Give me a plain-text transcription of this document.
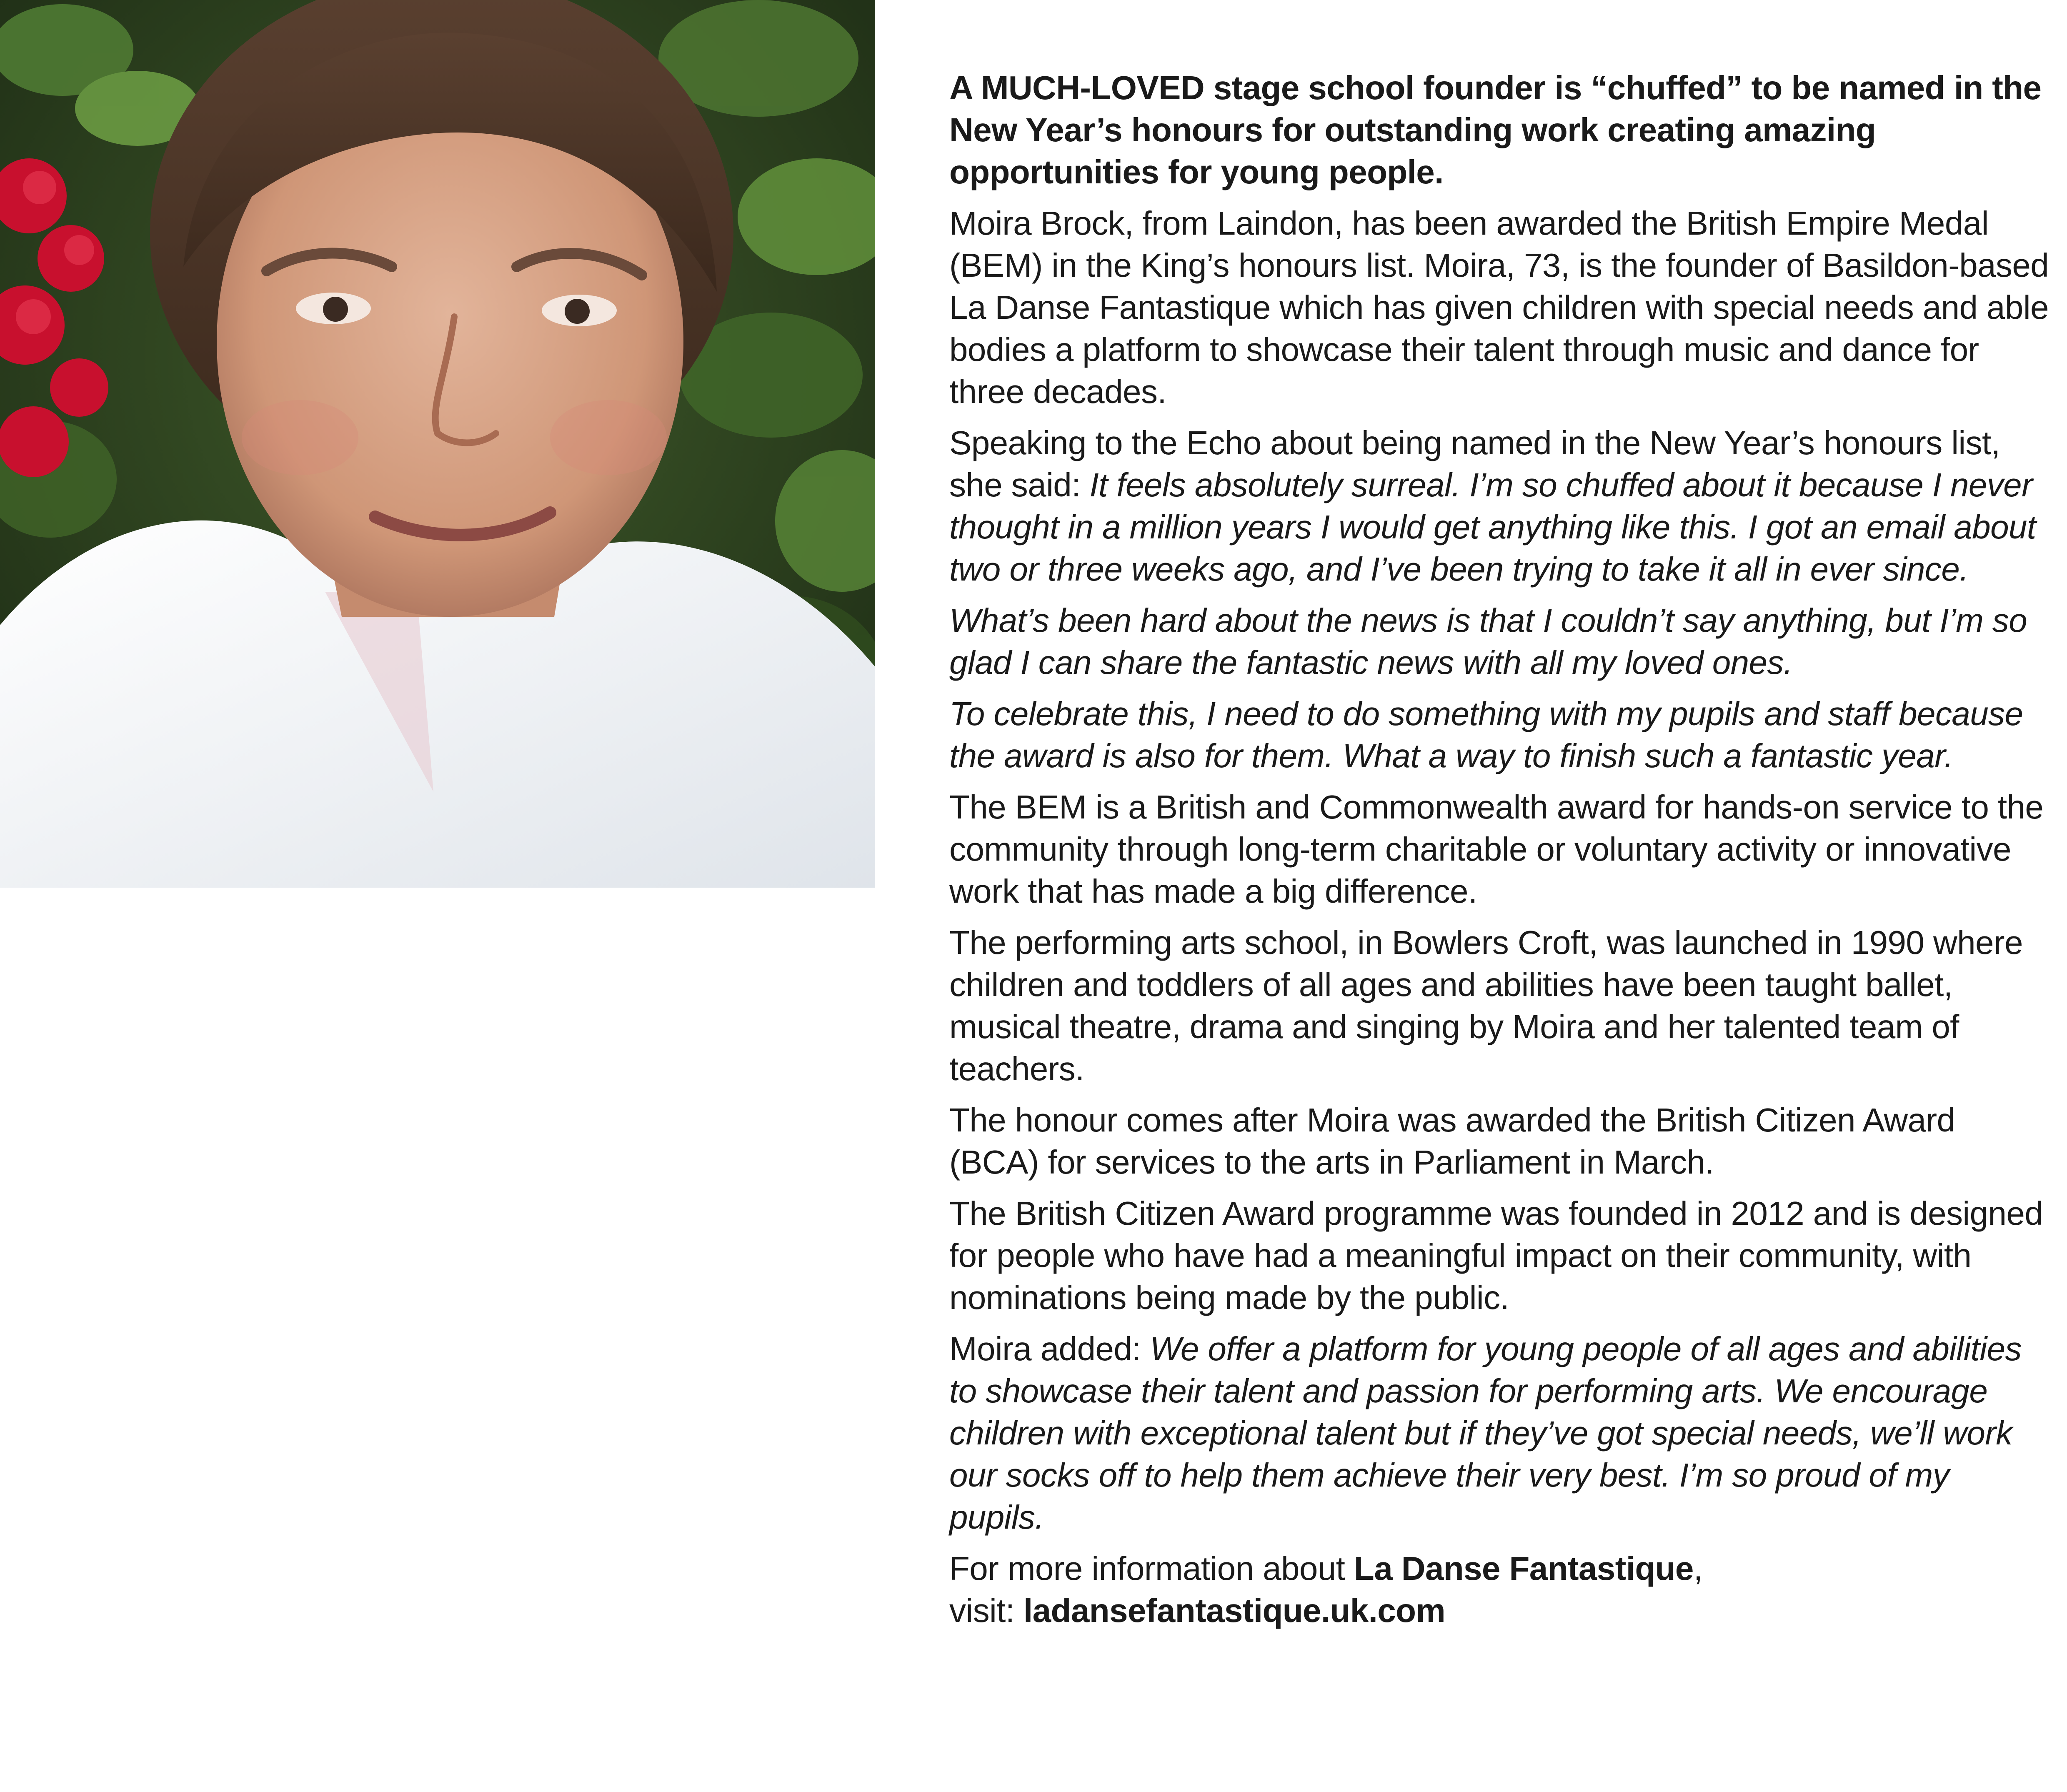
A MUCH-LOVED stage school founder is “chuffed” to be named in the New Year’s honours for outstanding work creating amazing opportunities for young people.

Moira Brock, from Laindon, has been awarded the British Empire Medal (BEM) in the King’s honours list. Moira, 73, is the founder of Basildon-based La Danse Fantastique which has given children with special needs and able bodies a platform to showcase their talent through music and dance for three decades.

Speaking to the Echo about being named in the New Year’s honours list, she said: It feels absolutely surreal. I’m so chuffed about it because I never thought in a million years I would get anything like this. I got an email about two or three weeks ago, and I’ve been trying to take it all in ever since.

What’s been hard about the news is that I couldn’t say anything, but I’m so glad I can share the fantastic news with all my loved ones.

To celebrate this, I need to do something with my pupils and staff because the award is also for them. What a way to finish such a fantastic year.

The BEM is a British and Commonwealth award for hands-on service to the community through long-term charitable or voluntary activity or innovative work that has made a big difference.

The performing arts school, in Bowlers Croft, was launched in 1990 where children and toddlers of all ages and abilities have been taught ballet, musical theatre, drama and singing by Moira and her talented team of teachers.

The honour comes after Moira was awarded the British Citizen Award (BCA) for services to the arts in Parliament in March.

The British Citizen Award programme was founded in 2012 and is designed for people who have had a meaningful impact on their community, with nominations being made by the public.

Moira added: We offer a platform for young people of all ages and abilities to showcase their talent and passion for performing arts. We encourage children with exceptional talent but if they’ve got special needs, we’ll work our socks off to help them achieve their very best. I’m so proud of my pupils.

For more information about La Danse Fantastique,
visit: ladansefantastique.uk.com
